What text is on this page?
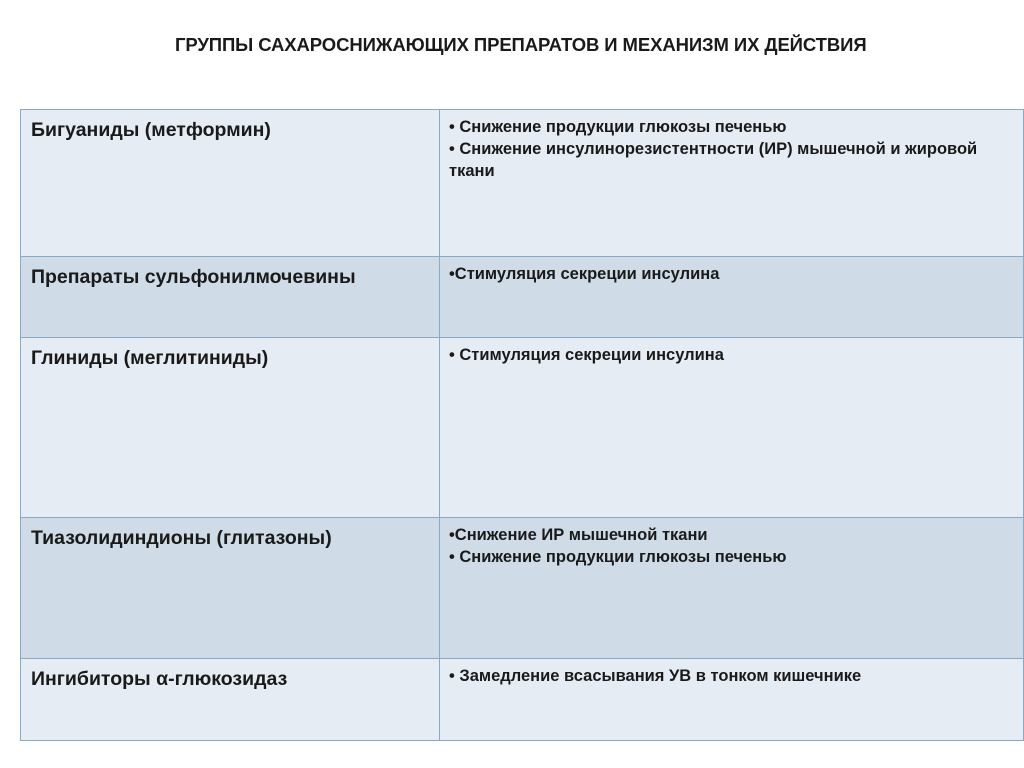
ГРУППЫ САХАРОСНИЖАЮЩИХ ПРЕПАРАТОВ И МЕХАНИЗМ ИХ ДЕЙСТВИЯ
Бигуаниды (метформин)	• Снижение продукции глюкозы печенью
• Снижение инсулинорезистентности (ИР) мышечной и жировой ткани

Препараты сульфонилмочевины	•Стимуляция секреции инсулина

Глиниды (меглитиниды)	• Стимуляция секреции инсулина

Тиазолидиндионы (глитазоны)	•Снижение ИР мышечной ткани
• Снижение продукции глюкозы печенью

Ингибиторы α-глюкозидаз	• Замедление всасывания УВ в тонком кишечнике
